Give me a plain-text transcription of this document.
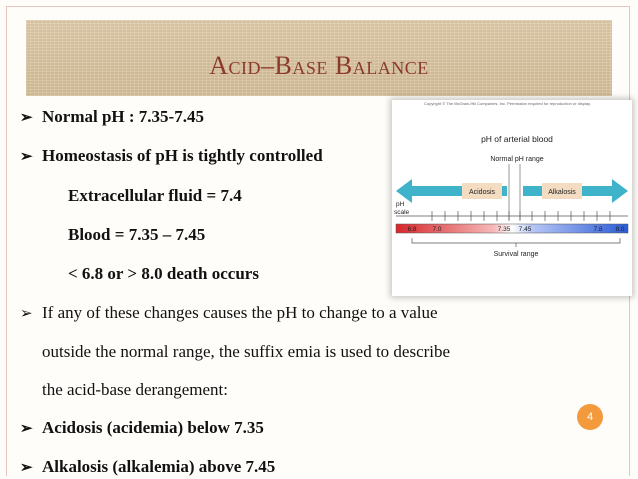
Acid–Base Balance
➢ Normal pH : 7.35-7.45
➢ Homeostasis of pH is tightly controlled
Extracellular fluid = 7.4
Blood = 7.35 – 7.45
< 6.8 or > 8.0 death occurs
➢ If any of these changes causes the pH to change to a value
outside the normal range, the suffix emia is used to describe
the acid-base derangement:
➢ Acidosis (acidemia) below 7.35
➢ Alkalosis (alkalemia) above 7.45
Copyright © The McGraw-Hill Companies, Inc. Permission required for reproduction or display.
pH of arterial blood
Normal pH range
Acidosis	Alkalosis
pH
scale
6.8 7.0	7.35 7.45	7.8 8.0
Survival range
4
